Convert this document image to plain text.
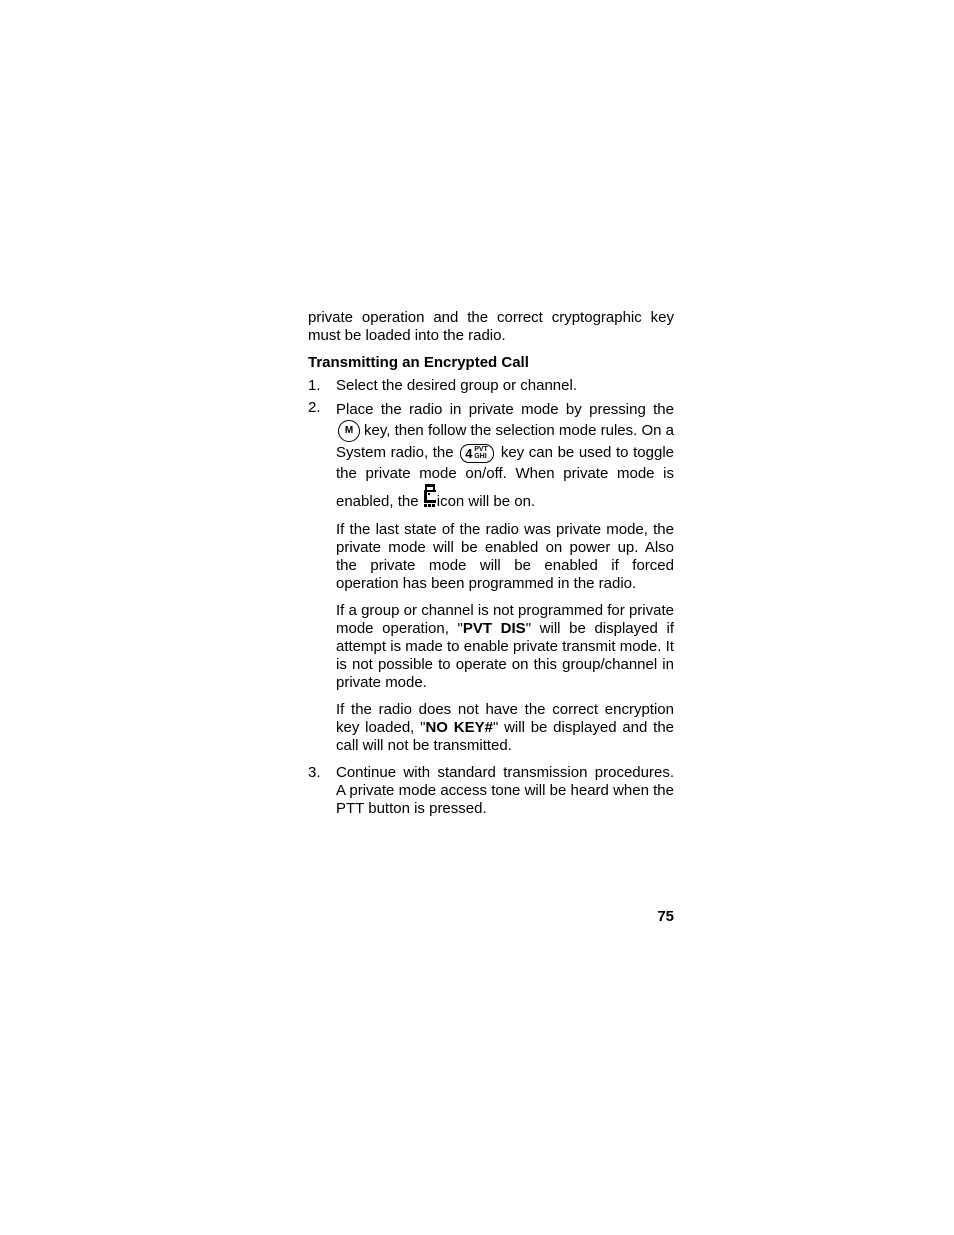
private operation and the correct cryptographic key must be loaded into the radio.

Transmitting an Encrypted Call
1. Select the desired group or channel.

2. Place the radio in private mode by pressing the M key, then follow the selection mode rules. On a System radio, the 4 PVT
GHI key can be used to toggle the private mode on/off. When private mode is enabled, the icon will be on.

If the last state of the radio was private mode, the private mode will be enabled on power up. Also the private mode will be enabled if forced operation has been programmed in the radio.

If a group or channel is not programmed for private mode operation, "PVT DIS" will be displayed if attempt is made to enable private transmit mode. It is not possible to operate on this group/channel in private mode.

If the radio does not have the correct encryption key loaded, "NO KEY#" will be displayed and the call will not be transmitted.

3. Continue with standard transmission procedures. A private mode access tone will be heard when the PTT button is pressed.

75
